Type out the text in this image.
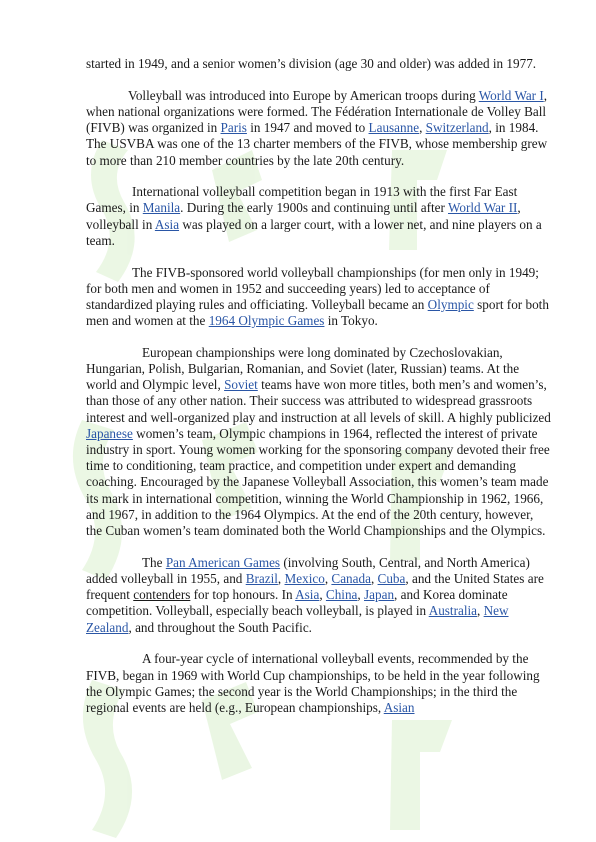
started in 1949, and a senior women’s division (age 30 and older) was added in 1977.

Volleyball was introduced into Europe by American troops during World War I, when national organizations were formed. The Fédération Internationale de Volley Ball (FIVB) was organized in Paris in 1947 and moved to Lausanne, Switzerland, in 1984. The USVBA was one of the 13 charter members of the FIVB, whose membership grew to more than 210 member countries by the late 20th century.

International volleyball competition began in 1913 with the first Far East Games, in Manila. During the early 1900s and continuing until after World War II, volleyball in Asia was played on a larger court, with a lower net, and nine players on a team.

The FIVB-sponsored world volleyball championships (for men only in 1949; for both men and women in 1952 and succeeding years) led to acceptance of standardized playing rules and officiating. Volleyball became an Olympic sport for both men and women at the 1964 Olympic Games in Tokyo.

European championships were long dominated by Czechoslovakian, Hungarian, Polish, Bulgarian, Romanian, and Soviet (later, Russian) teams. At the world and Olympic level, Soviet teams have won more titles, both men’s and women’s, than those of any other nation. Their success was attributed to widespread grassroots interest and well-organized play and instruction at all levels of skill. A highly publicized Japanese women’s team, Olympic champions in 1964, reflected the interest of private industry in sport. Young women working for the sponsoring company devoted their free time to conditioning, team practice, and competition under expert and demanding coaching. Encouraged by the Japanese Volleyball Association, this women’s team made its mark in international competition, winning the World Championship in 1962, 1966, and 1967, in addition to the 1964 Olympics. At the end of the 20th century, however, the Cuban women’s team dominated both the World Championships and the Olympics.

The Pan American Games (involving South, Central, and North America) added volleyball in 1955, and Brazil, Mexico, Canada, Cuba, and the United States are frequent contenders for top honours. In Asia, China, Japan, and Korea dominate competition. Volleyball, especially beach volleyball, is played in Australia, New Zealand, and throughout the South Pacific.

A four-year cycle of international volleyball events, recommended by the FIVB, began in 1969 with World Cup championships, to be held in the year following the Olympic Games; the second year is the World Championships; in the third the regional events are held (e.g., European championships, Asian
